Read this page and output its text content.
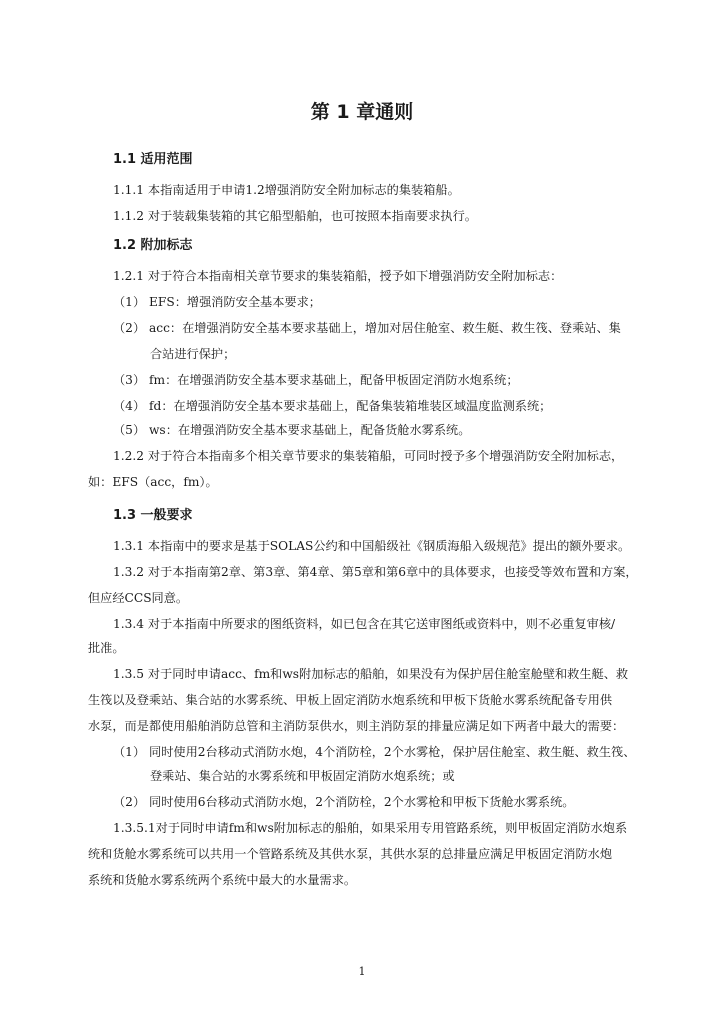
第 1 章通则
1.1 适用范围
1.1.1 本指南适用于申请1.2增强消防安全附加标志的集装箱船。
1.1.2 对于装载集装箱的其它船型船舶，也可按照本指南要求执行。
1.2 附加标志
1.2.1 对于符合本指南相关章节要求的集装箱船，授予如下增强消防安全附加标志：
（1） EFS：增强消防安全基本要求；
（2） acc：在增强消防安全基本要求基础上，增加对居住舱室、救生艇、救生筏、登乘站、集
合站进行保护；
（3） fm：在增强消防安全基本要求基础上，配备甲板固定消防水炮系统；
（4） fd：在增强消防安全基本要求基础上，配备集装箱堆装区域温度监测系统；
（5） ws：在增强消防安全基本要求基础上，配备货舱水雾系统。
1.2.2 对于符合本指南多个相关章节要求的集装箱船，可同时授予多个增强消防安全附加标志，
如：EFS（acc，fm）。
1.3 一般要求
1.3.1 本指南中的要求是基于SOLAS公约和中国船级社《钢质海船入级规范》提出的额外要求。
1.3.2 对于本指南第2章、第3章、第4章、第5章和第6章中的具体要求，也接受等效布置和方案，
但应经CCS同意。
1.3.4 对于本指南中所要求的图纸资料，如已包含在其它送审图纸或资料中，则不必重复审核/
批准。
1.3.5 对于同时申请acc、fm和ws附加标志的船舶，如果没有为保护居住舱室舱壁和救生艇、救
生筏以及登乘站、集合站的水雾系统、甲板上固定消防水炮系统和甲板下货舱水雾系统配备专用供
水泵，而是都使用船舶消防总管和主消防泵供水，则主消防泵的排量应满足如下两者中最大的需要：
（1） 同时使用2台移动式消防水炮，4个消防栓，2个水雾枪，保护居住舱室、救生艇、救生筏、
登乘站、集合站的水雾系统和甲板固定消防水炮系统；或
（2） 同时使用6台移动式消防水炮，2个消防栓，2个水雾枪和甲板下货舱水雾系统。
1.3.5.1对于同时申请fm和ws附加标志的船舶，如果采用专用管路系统，则甲板固定消防水炮系
统和货舱水雾系统可以共用一个管路系统及其供水泵，其供水泵的总排量应满足甲板固定消防水炮
系统和货舱水雾系统两个系统中最大的水量需求。
1
